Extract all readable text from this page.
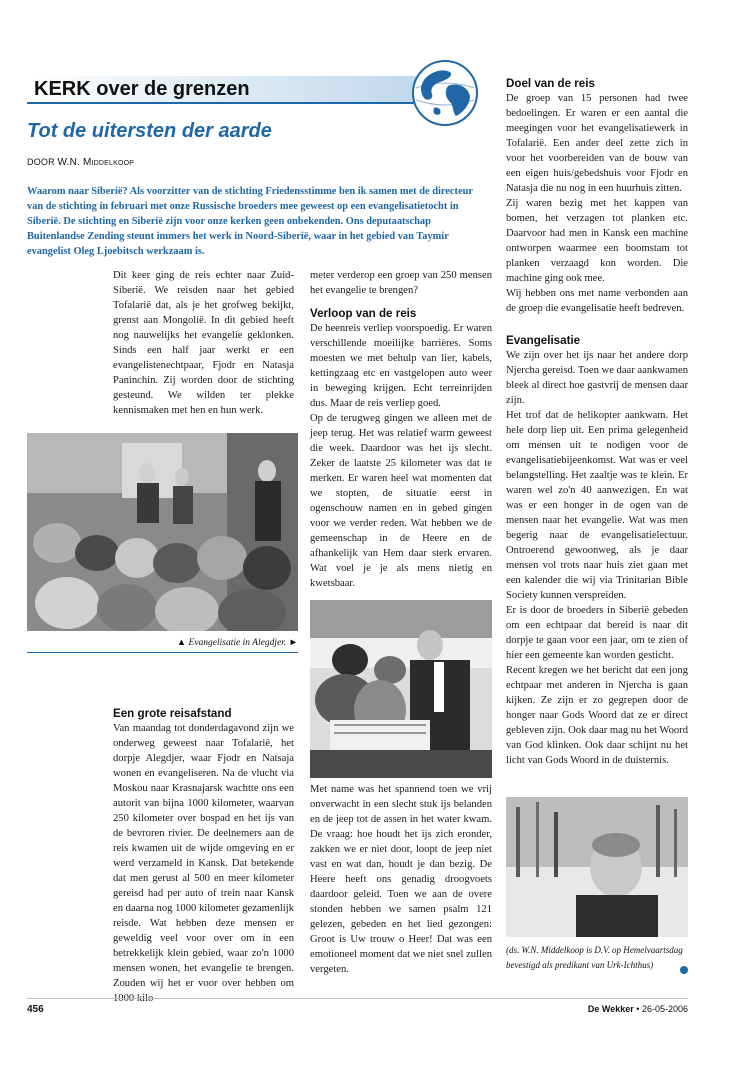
KERK over de grenzen
Tot de uitersten der aarde
DOOR W.N. Middelkoop
Waarom naar Siberië? Als voorzitter van de stichting Friedensstimme ben ik samen met de directeur van de stichting in februari met onze Russische broeders mee geweest op een evangelisatietocht in Siberië. De stichting en Siberië zijn voor onze kerken geen onbekenden. Ons deputaatschap Buitenlandse Zending steunt immers het werk in Noord-Siberië, waar in het gebied van Taymir evangelist Oleg Ljoebitsch werkzaam is.
Dit keer ging de reis echter naar Zuid-Siberië. We reisden naar het gebied Tofalarië dat, als je het grofweg bekijkt, grenst aan Mongolië. In dit gebied heeft nog nauwelijks het evangelie geklonken. Sinds een half jaar werkt er een evangelistenechtpaar, Fjodr en Natasja Paninchin. Zij worden door de stichting gesteund. We wilden ter plekke kennismaken met hen en hun werk.
▲ Evangelisatie in Alegdjer. ►
Een grote reisafstand
Van maandag tot donderdagavond zijn we onderweg geweest naar Tofalarië, het dorpje Alegdjer, waar Fjodr en Natsaja wonen en evangeliseren. Na de vlucht via Moskou naar Krasnajarsk wachtte ons een autorit van bijna 1000 kilometer, waarvan 250 kilometer over bospad en het ijs van de bevroren rivier. De deelnemers aan de reis kwamen uit de wijde omgeving en er werd verzameld in Kansk. Dat betekende dat men gerust al 500 en meer kilometer gereisd had per auto of trein naar Kansk en daarna nog 1000 kilometer gezamenlijk reisde. Wat hebben deze mensen er geweldig veel voor over om in een betrekkelijk klein gebied, waar zo'n 1000 mensen wonen, het evangelie te brengen. Zouden wij het er voor over hebben om
meter verderop een groep van 250 mensen het evangelie te brengen?
Verloop van de reis
De heenreis verliep voorspoedig. Er waren verschillende moeilijke barrières. Soms moesten we met behulp van lier, kabels, kettingzaag etc en vastgelopen auto weer in beweging krijgen. Echt terreinrijden dus. Maar de reis verliep goed.
Op de terugweg gingen we alleen met de jeep terug. Het was relatief warm geweest die week. Daardoor was het ijs slecht. Zeker de laatste 25 kilometer was dat te merken. Er waren heel wat momenten dat we stopten, de situatie eerst in ogenschouw namen en in gebed gingen voor we verder reden. Wat hebben we de gemeenschap in de Heere en de afhankelijk van Hem daar sterk ervaren. Wat voel je je als mens nietig en kwetsbaar.
Met name was het spannend toen we vrij onverwacht in een slecht stuk ijs belanden en de jeep tot de assen in het water kwam. De vraag: hoe houdt het ijs zich eronder, zakken we er niet door, loopt de jeep niet vast en wat dan, houdt je dan bezig. De Heere heeft ons genadig droogvoets daardoor geleid. Toen we aan de overe stonden hebben we samen psalm 121 gelezen, gebeden en het lied gezongen: Groot is Uw trouw o Heer! Dat was een emotioneel moment dat we niet snel zullen vergeten.
Doel van de reis
De groep van 15 personen had twee bedoelingen. Er waren er een aantal die meegingen voor het evangelisatiewerk in Tofalarië. Een ander deel zette zich in voor het voorbereiden van de bouw van een eigen huis/gebedshuis voor Fjodr en Natasja die nu nog in een huurhuis zitten.
Zij waren bezig met het kappen van bomen, het verzagen tot planken etc. Daarvoor had men in Kansk een machine ontworpen waarmee een boomstam tot planken verzaagd kon worden. Die machine ging ook mee.
Wij hebben ons met name verbonden aan de groep die evangelisatie heeft bedreven.
Evangelisatie
We zijn over het ijs naar het andere dorp Njercha gereisd. Toen we daar aankwamen bleek al direct hoe gastvrij de mensen daar zijn.
Het trof dat de helikopter aankwam. Het hele dorp liep uit. Een prima gelegenheid om mensen uit te nodigen voor de evangelisatiebijeenkomst. Wat was er veel belangstelling. Het zaaltje was te klein. Er waren wel zo'n 40 aanwezigen. En wat was er een honger in de ogen van de mensen naar het evangelie. Wat was men begerig naar de evangelisatielectuur. Ontroerend gewoonweg, als je daar mensen vol trots naar huis ziet gaan met een kalender die wij via Trinitarian Bible Society kunnen verspreiden.
Er is door de broeders in Siberië gebeden om een echtpaar dat bereid is naar dit dorpje te gaan voor een jaar, om te zien of hier een gemeente kan worden gesticht.
Recent kregen we het bericht dat een jong echtpaar met anderen in Njercha is gaan kijken. Ze zijn er zo gegrepen door de honger naar Gods Woord dat ze er direct gebleven zijn. Ook daar mag nu het Woord van God klinken. Ook daar schijnt nu het licht van Gods Woord in de duisternis.
(ds. W.N. Middelkoop is D.V. op Hemelvaartsdag bevestigd als predikant van Urk-Ichthus)
456	De Wekker • 26-05-2006
